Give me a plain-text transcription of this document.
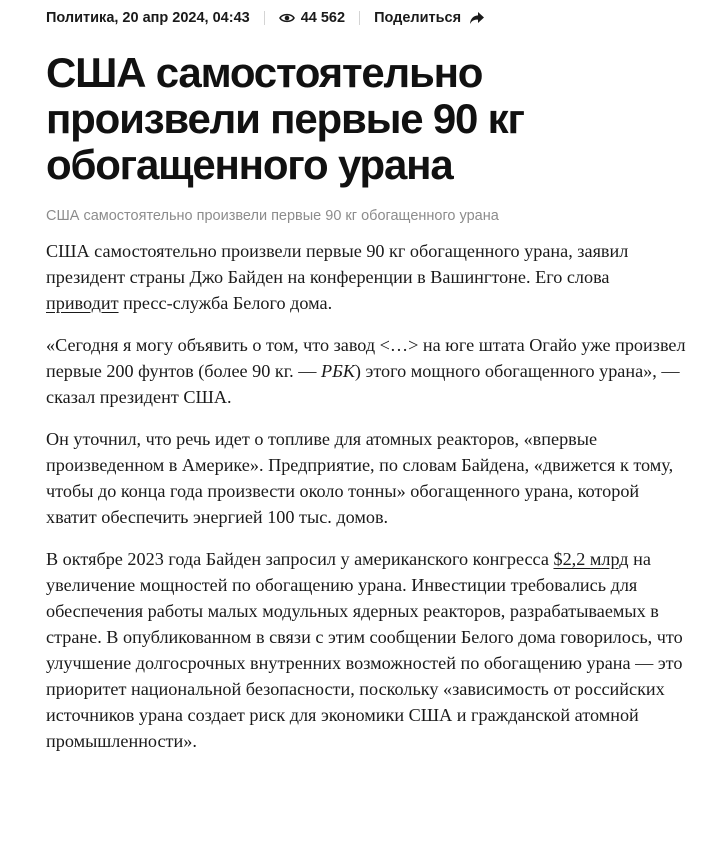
Политика, 20 апр 2024, 04:43	44 562 Поделиться
США самостоятельно произвели первые 90 кг обогащенного урана
США самостоятельно произвели первые 90 кг обогащенного урана

США самостоятельно произвели первые 90 кг обогащенного урана, заявил президент страны Джо Байден на конференции в Вашингтоне. Его слова приводит пресс-служба Белого дома.

«Сегодня я могу объявить о том, что завод <…> на юге штата Огайо уже произвел первые 200 фунтов (более 90 кг. — РБК) этого мощного обогащенного урана», — сказал президент США.

Он уточнил, что речь идет о топливе для атомных реакторов, «впервые произведенном в Америке». Предприятие, по словам Байдена, «движется к тому, чтобы до конца года произвести около тонны» обогащенного урана, которой хватит обеспечить энергией 100 тыс. домов.

В октябре 2023 года Байден запросил у американского конгресса $2,2 млрд на увеличение мощностей по обогащению урана. Инвестиции требовались для обеспечения работы малых модульных ядерных реакторов, разрабатываемых в стране. В опубликованном в связи с этим сообщении Белого дома говорилось, что улучшение долгосрочных внутренних возможностей по обогащению урана — это приоритет национальной безопасности, поскольку «зависимость от российских источников урана создает риск для экономики США и гражданской атомной промышленности».
